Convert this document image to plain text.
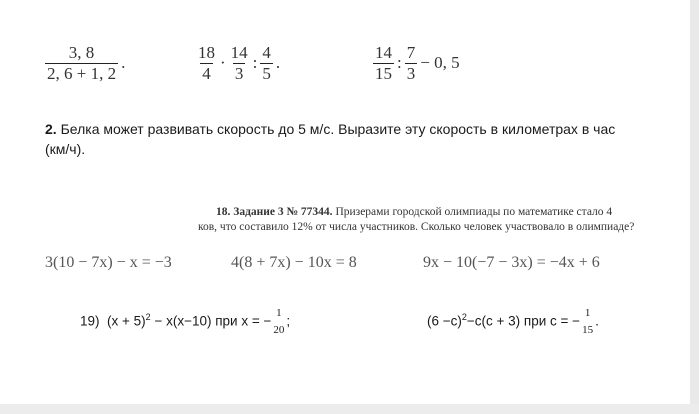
$\frac{3, 8}{2, 6 + 1, 2}$ .	$\frac{18}{4} \cdot \frac{14}{3}$ : $\frac{4}{5}$ .	$\frac{14}{15}$ : $\frac{7}{3} - 0$, 5
2. Белка может развивать скорость до 5 м/с. Выразите эту скорость в километрах в час
(км/ч).
18. Задание 3 № 77344. Призерами городской олимпиады по математике стало 4
ков, что составило 12% от числа участников. Сколько человек участвовало в олимпиаде?
3(10 − 7x) − x = −3	4(8 + 7x) − 10x = 8	9x − 10(−7 − 3x) = −4x + 6
19) $(x + 5)^2 - x(x-10)$ при x = −
1
20
;	$(6 -c)^2-c(c + 3)$ при c = −
1
15
.
